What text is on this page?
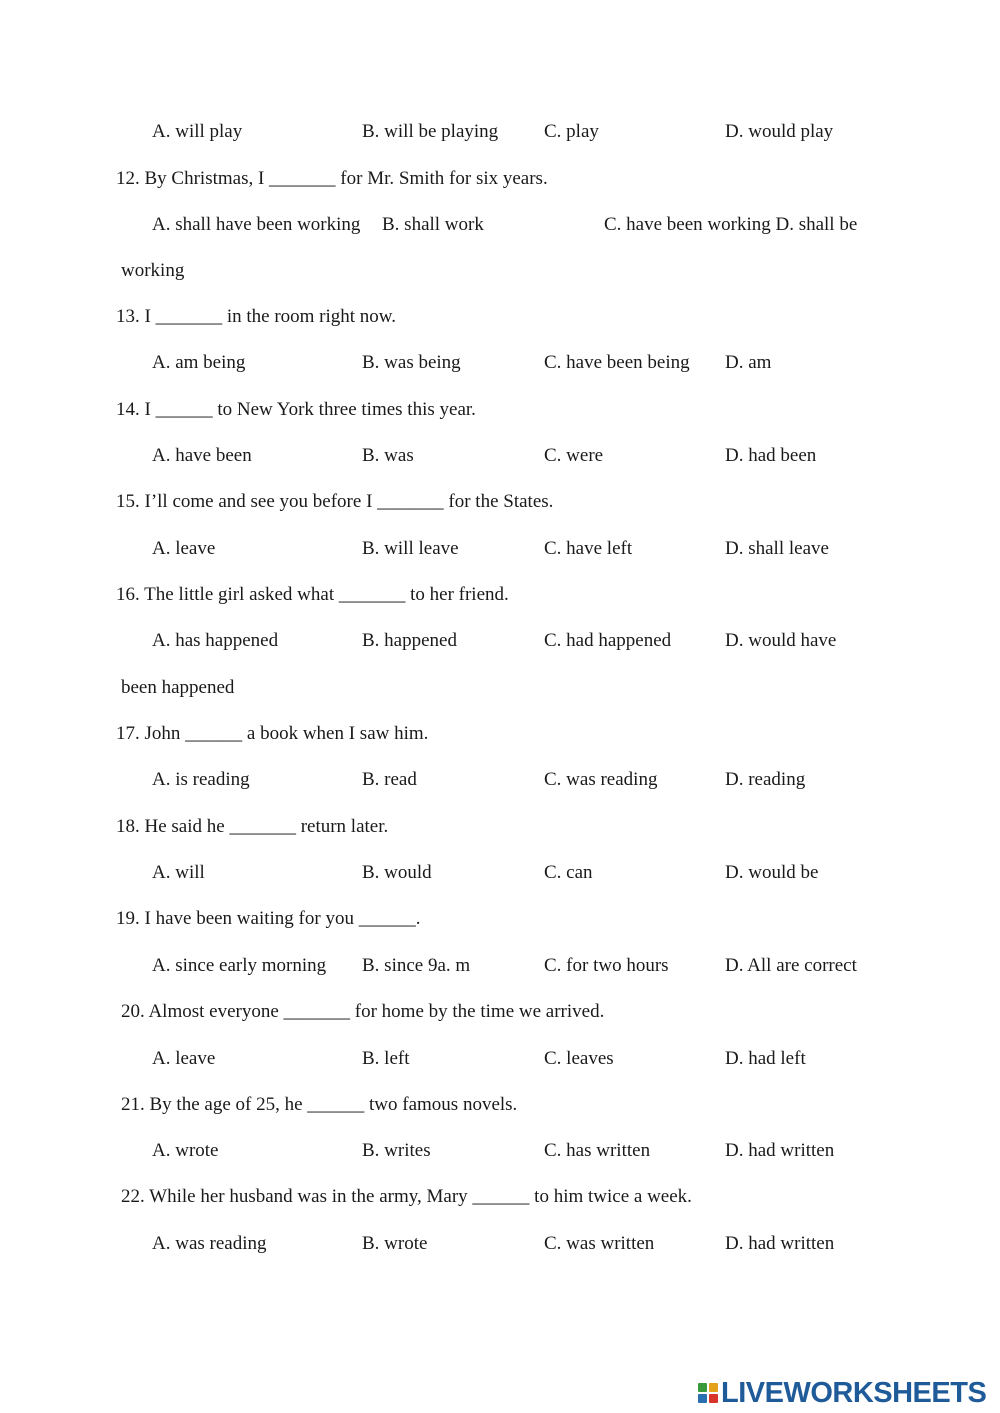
A. will play	B. will be playing C. play	D. would play
12. By Christmas, I _______ for Mr. Smith for six years.
A. shall have been working B. shall work	C. have been working D. shall be
working
13. I _______ in the room right now.
A. am being	B. was being	C. have been being D. am
14. I ______ to New York three times this year.
A. have been	B. was	C. were	D. had been
15. I’ll come and see you before I _______ for the States.
A. leave	B. will leave	C. have left	D. shall leave
16. The little girl asked what _______ to her friend.
A. has happened	B. happened	C. had happened	D. would have
been happened
17. John ______ a book when I saw him.
A. is reading	B. read	C. was reading	D. reading
18. He said he _______ return later.
A. will	B. would	C. can	D. would be
19. I have been waiting for you ______.
A. since early morning B. since 9a. m	C. for two hours	D. All are correct
20. Almost everyone _______ for home by the time we arrived.
A. leave	B. left	C. leaves	D. had left
21. By the age of 25, he ______ two famous novels.
A. wrote	B. writes	C. has written	D. had written
22. While her husband was in the army, Mary ______ to him twice a week.
A. was reading	B. wrote	C. was written	D. had written
LIVEWORKSHEETS
